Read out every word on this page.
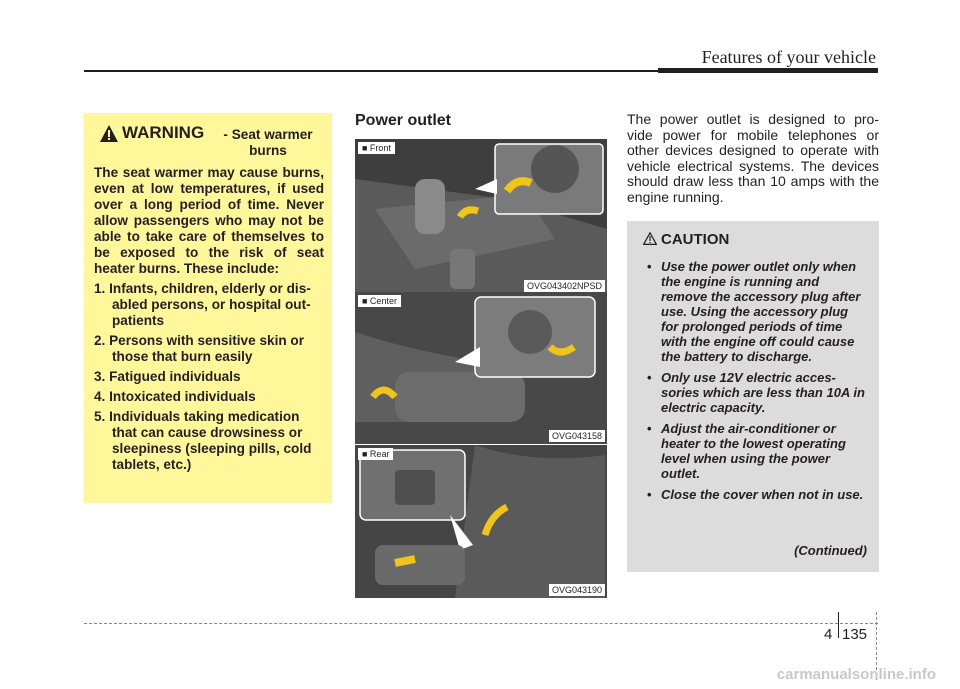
Features of your vehicle
WARNING	- Seat warmer burns
The seat warmer may cause burns, even at low temperatures, if used over a long period of time. Never allow passengers who may not be able to take care of themselves to be exposed to the risk of seat heater burns. These include:
1. Infants, children, elderly or dis- abled persons, or hospital out- patients
2. Persons with sensitive skin or those that burn easily
3. Fatigued individuals
4. Intoxicated individuals
5. Individuals taking medication that can cause drowsiness or sleepiness (sleeping pills, cold tablets, etc.)
Power outlet
■ Front
OVG043402NPSD
■ Center
OVG043158
■ Rear
OVG043190
The power outlet is designed to pro- vide power for mobile telephones or other devices designed to operate with vehicle electrical systems. The devices should draw less than 10 amps with the engine running.
CAUTION
• Use the power outlet only when the engine is running and remove the accessory plug after use. Using the accessory plug for prolonged periods of time with the engine off could cause the battery to discharge.
• Only use 12V electric acces- sories which are less than 10A in electric capacity.
• Adjust the air-conditioner or heater to the lowest operating level when using the power outlet.
• Close the cover when not in use.
(Continued)
4 135
carmanualsonline.info
